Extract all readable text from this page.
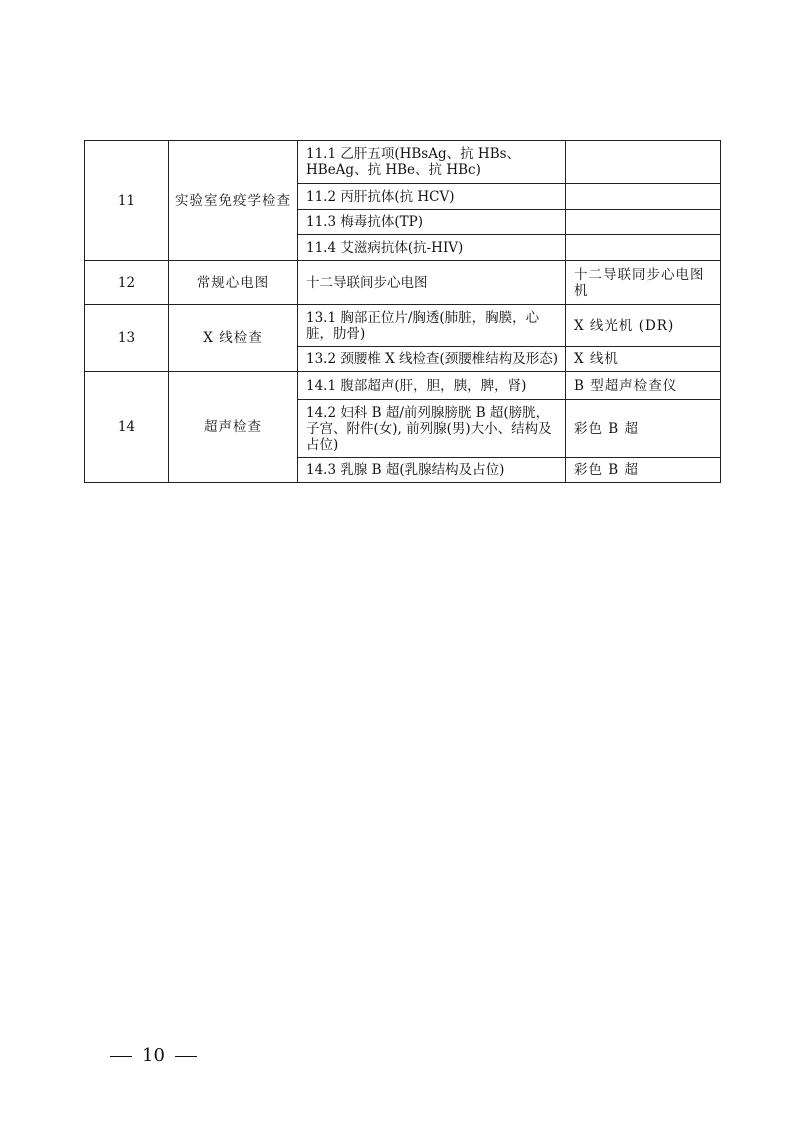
11	实验室免疫学检查	11.1 乙肝五项(HBsAg、抗 HBs、HBeAg、抗 HBe、抗 HBc)	

		11.2 丙肝抗体(抗 HCV)	

		11.3 梅毒抗体(TP)	

		11.4 艾滋病抗体(抗-HIV)	

12	常规心电图	十二导联间步心电图	十二导联同步心电图机

13	X 线检查	13.1 胸部正位片/胸透(肺脏，胸膜，心脏，肋骨)	X 线光机 (DR)

		13.2 颈腰椎 X 线检查(颈腰椎结构及形态)	X 线机

14	超声检查	14.1 腹部超声(肝，胆，胰，脾，肾)	B 型超声检查仪

		14.2 妇科 B 超/前列腺膀胱 B 超(膀胱，子宫、附件(女), 前列腺(男)大小、结构及占位)	彩色 B 超

		14.3 乳腺 B 超(乳腺结构及占位)	彩色 B 超
10
